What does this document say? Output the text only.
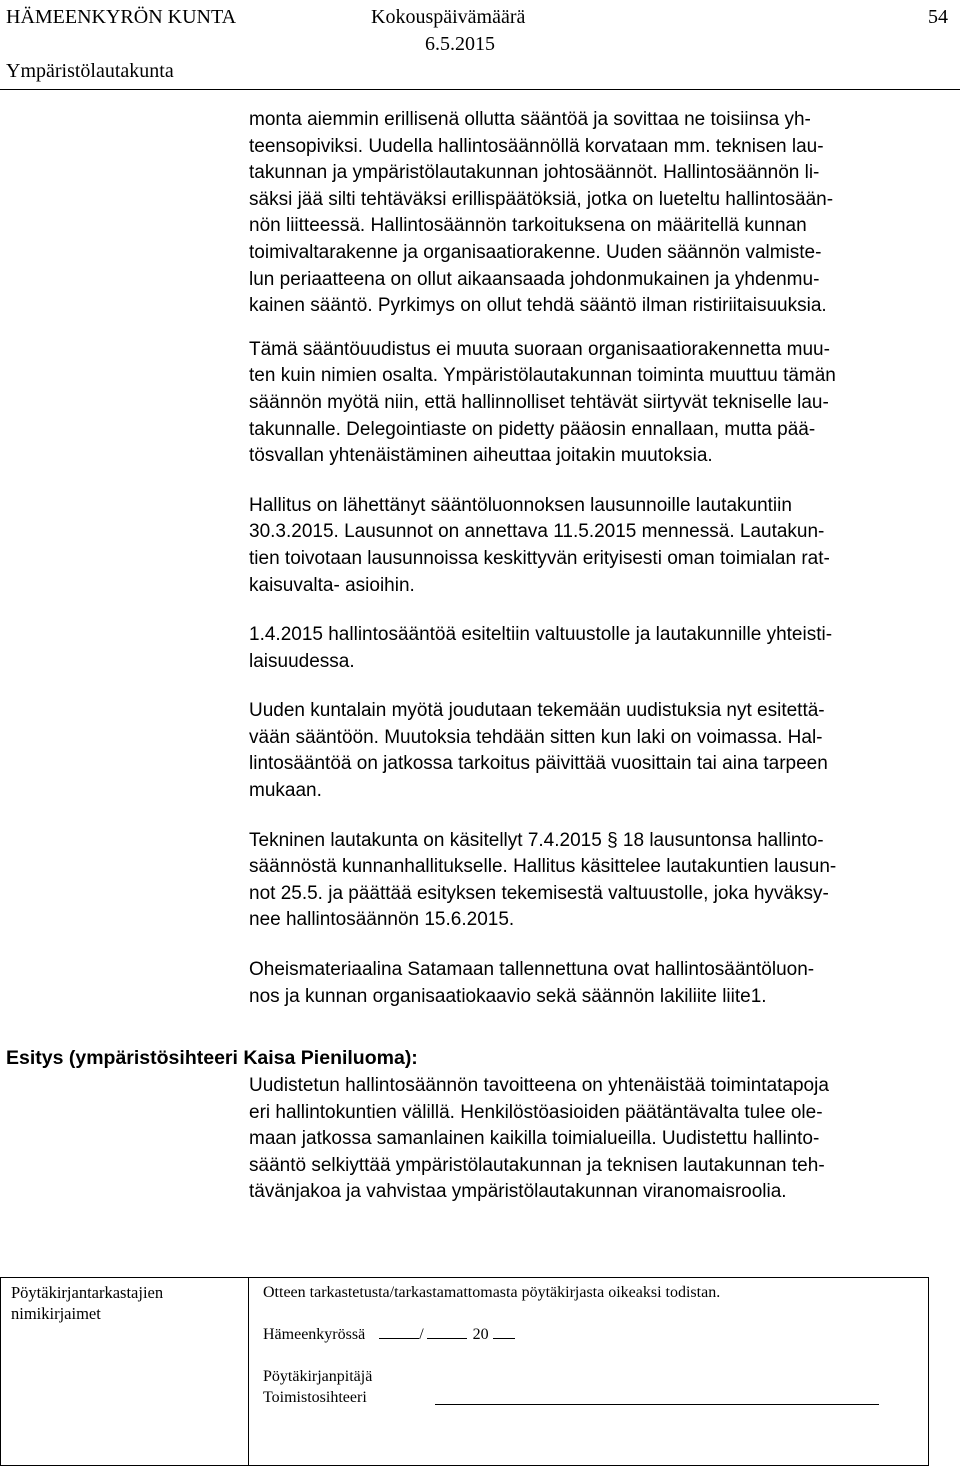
HÄMEENKYRÖN KUNTA	Kokouspäivämäärä	54
6.5.2015
Ympäristölautakunta

monta aiemmin erillisenä ollutta sääntöä ja sovittaa ne toisiinsa yh-
teensopiviksi. Uudella hallintosäännöllä korvataan mm. teknisen lau-
takunnan ja ympäristölautakunnan johtosäännöt. Hallintosäännön li-
säksi jää silti tehtäväksi erillispäätöksiä, jotka on lueteltu hallintosään-
nön liitteessä. Hallintosäännön tarkoituksena on määritellä kunnan
toimivaltarakenne ja organisaatiorakenne. Uuden säännön valmiste-
lun periaatteena on ollut aikaansaada johdonmukainen ja yhdenmu-
kainen sääntö. Pyrkimys on ollut tehdä sääntö ilman ristiriitaisuuksia.

Tämä sääntöuudistus ei muuta suoraan organisaatiorakennetta muu-
ten kuin nimien osalta. Ympäristölautakunnan toiminta muuttuu tämän
säännön myötä niin, että hallinnolliset tehtävät siirtyvät tekniselle lau-
takunnalle. Delegointiaste on pidetty pääosin ennallaan, mutta pää-
tösvallan yhtenäistäminen aiheuttaa joitakin muutoksia.

Hallitus on lähettänyt sääntöluonnoksen lausunnoille lautakuntiin
30.3.2015. Lausunnot on annettava 11.5.2015 mennessä. Lautakun-
tien toivotaan lausunnoissa keskittyvän erityisesti oman toimialan rat-
kaisuvalta- asioihin.

1.4.2015 hallintosääntöä esiteltiin valtuustolle ja lautakunnille yhteisti-
laisuudessa.

Uuden kuntalain myötä joudutaan tekemään uudistuksia nyt esitettä-
vään sääntöön. Muutoksia tehdään sitten kun laki on voimassa. Hal-
lintosääntöä on jatkossa tarkoitus päivittää vuosittain tai aina tarpeen
mukaan.

Tekninen lautakunta on käsitellyt 7.4.2015 § 18 lausuntonsa hallinto-
säännöstä kunnanhallitukselle. Hallitus käsittelee lautakuntien lausun-
not 25.5. ja päättää esityksen tekemisestä valtuustolle, joka hyväksy-
nee hallintosäännön 15.6.2015.

Oheismateriaalina Satamaan tallennettuna ovat hallintosääntöluon-
nos ja kunnan organisaatiokaavio sekä säännön lakiliite liite1.

Esitys (ympäristösihteeri Kaisa Pieniluoma):

Uudistetun hallintosäännön tavoitteena on yhtenäistää toimintatapoja
eri hallintokuntien välillä. Henkilöstöasioiden päätäntävalta tulee ole-
maan jatkossa samanlainen kaikilla toimialueilla. Uudistettu hallinto-
sääntö selkiyttää ympäristölautakunnan ja teknisen lautakunnan teh-
tävänjakoa ja vahvistaa ympäristölautakunnan viranomaisroolia.

Pöytäkirjantarkastajien
nimikirjaimet
Otteen tarkastetusta/tarkastamattomasta pöytäkirjasta oikeaksi todistan.
Hämeenkyrössä	/	20
Pöytäkirjanpitäjä
Toimistosihteeri
